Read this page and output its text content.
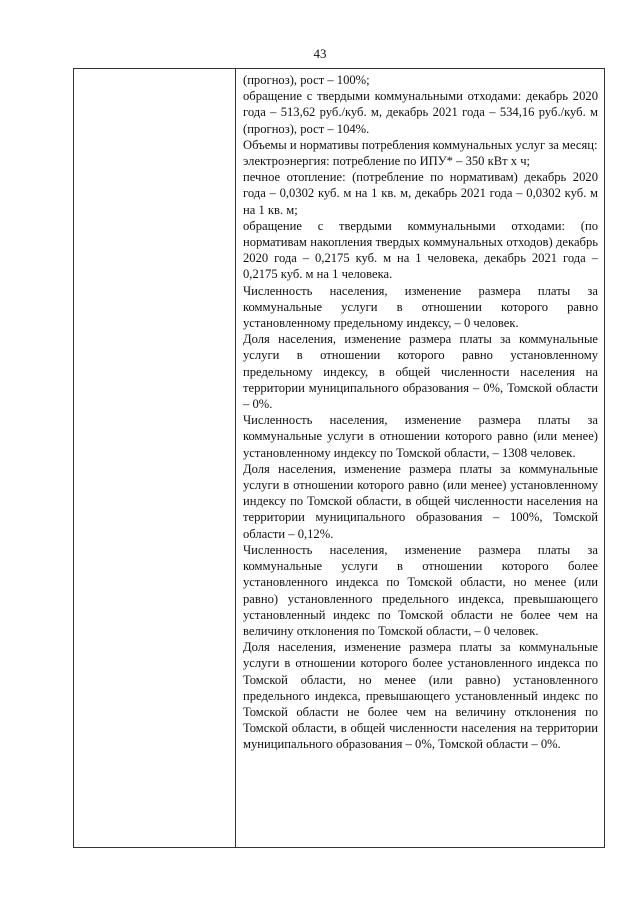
43

(прогноз), рост – 100%;

обращение с твердыми коммунальными отходами: декабрь 2020 года – 513,62 руб./куб. м, декабрь 2021 года – 534,16 руб./куб. м (прогноз), рост – 104%.

Объемы и нормативы потребления коммунальных услуг за месяц:

электроэнергия: потребление по ИПУ* – 350 кВт х ч;

печное отопление: (потребление по нормативам) декабрь 2020 года – 0,0302 куб. м на 1 кв. м, декабрь 2021 года – 0,0302 куб. м на 1 кв. м;

обращение с твердыми коммунальными отходами: (по нормативам накопления твердых коммунальных отходов) декабрь 2020 года – 0,2175 куб. м на 1 человека, декабрь 2021 года – 0,2175 куб. м на 1 человека.

Численность населения, изменение размера платы за коммунальные услуги в отношении которого равно установленному предельному индексу, – 0 человек.

Доля населения, изменение размера платы за коммунальные услуги в отношении которого равно установленному предельному индексу, в общей численности населения на территории муниципального образования – 0%, Томской области – 0%.

Численность населения, изменение размера платы за коммунальные услуги в отношении которого равно (или менее) установленному индексу по Томской области, – 1308 человек.

Доля населения, изменение размера платы за коммунальные услуги в отношении которого равно (или менее) установленному индексу по Томской области, в общей численности населения на территории муниципального образования – 100%, Томской области – 0,12%.

Численность населения, изменение размера платы за коммунальные услуги в отношении которого более установленного индекса по Томской области, но менее (или равно) установленного предельного индекса, превышающего установленный индекс по Томской области не более чем на величину отклонения по Томской области, – 0 человек.

Доля населения, изменение размера платы за коммунальные услуги в отношении которого более установленного индекса по Томской области, но менее (или равно) установленного предельного индекса, превышающего установленный индекс по Томской области не более чем на величину отклонения по Томской области, в общей численности населения на территории муниципального образования – 0%, Томской области – 0%.
